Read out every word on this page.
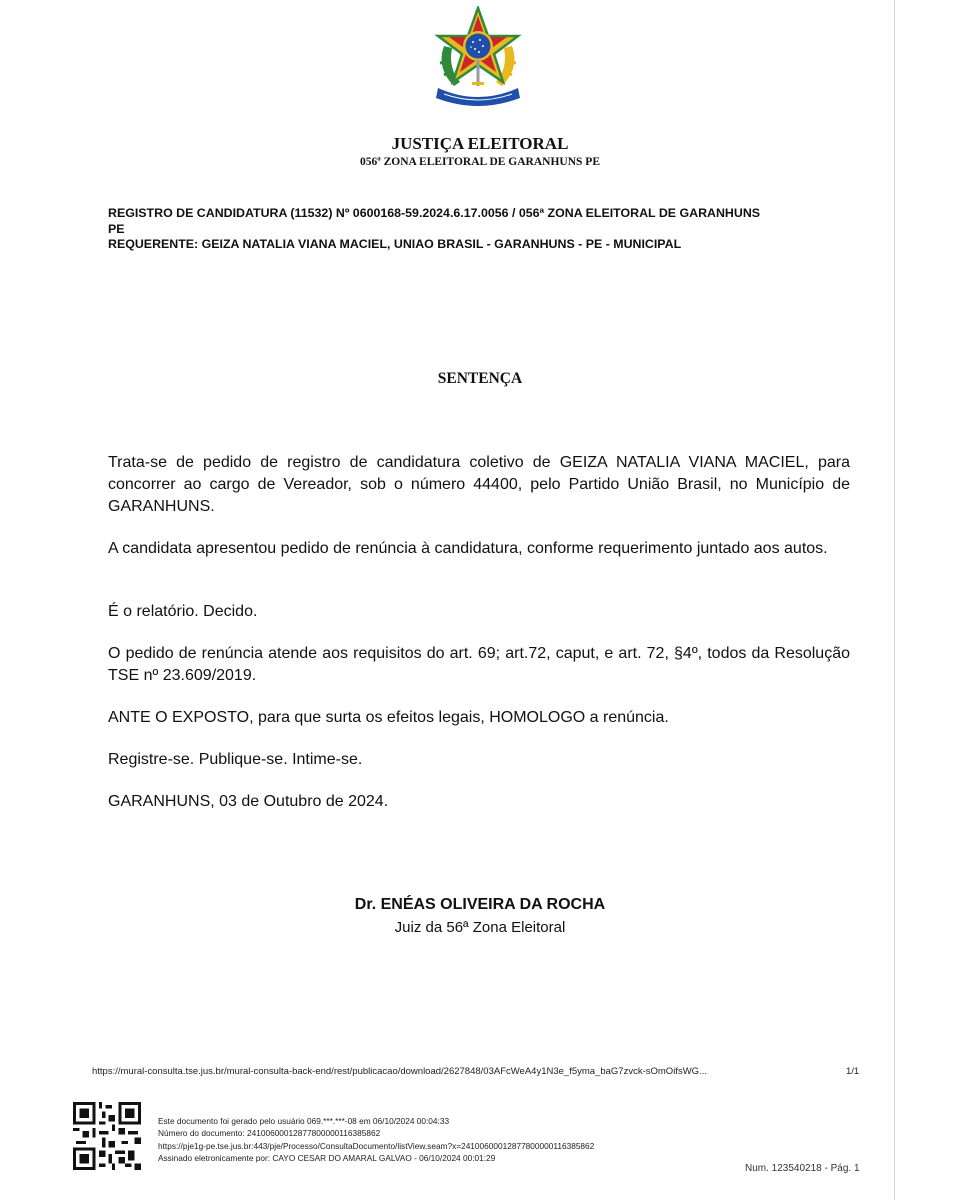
JUSTIÇA ELEITORAL
056ª ZONA ELEITORAL DE GARANHUNS PE
REGISTRO DE CANDIDATURA (11532) Nº 0600168-59.2024.6.17.0056 / 056ª ZONA ELEITORAL DE GARANHUNS
PE
REQUERENTE: GEIZA NATALIA VIANA MACIEL, UNIAO BRASIL - GARANHUNS - PE - MUNICIPAL
SENTENÇA

Trata-se de pedido de registro de candidatura coletivo de GEIZA NATALIA VIANA MACIEL, para concorrer ao cargo de Vereador, sob o número 44400, pelo Partido União Brasil, no Município de GARANHUNS.

A candidata apresentou pedido de renúncia à candidatura, conforme requerimento juntado aos autos.

É o relatório. Decido.

O pedido de renúncia atende aos requisitos do art. 69; art.72, caput, e art. 72, §4º, todos da Resolução TSE nº 23.609/2019.

ANTE O EXPOSTO, para que surta os efeitos legais, HOMOLOGO a renúncia.

Registre-se. Publique-se. Intime-se.

GARANHUNS, 03 de Outubro de 2024.

Dr. ENÉAS OLIVEIRA DA ROCHA
Juiz da 56ª Zona Eleitoral
https://mural-consulta.tse.jus.br/mural-consulta-back-end/rest/publicacao/download/2627848/03AFcWeA4y1N3e_f5yma_baG7zvck-sOmOifsWG...	1/1
Este documento foi gerado pelo usuário 069.***.***-08 em 06/10/2024 00:04:33
Número do documento: 24100600012877800000116385862
https://pje1g-pe.tse.jus.br:443/pje/Processo/ConsultaDocumento/listView.seam?x=24100600012877800000116385862
Assinado eletronicamente por: CAYO CESAR DO AMARAL GALVAO - 06/10/2024 00:01:29
Num. 123540218 - Pág. 1
